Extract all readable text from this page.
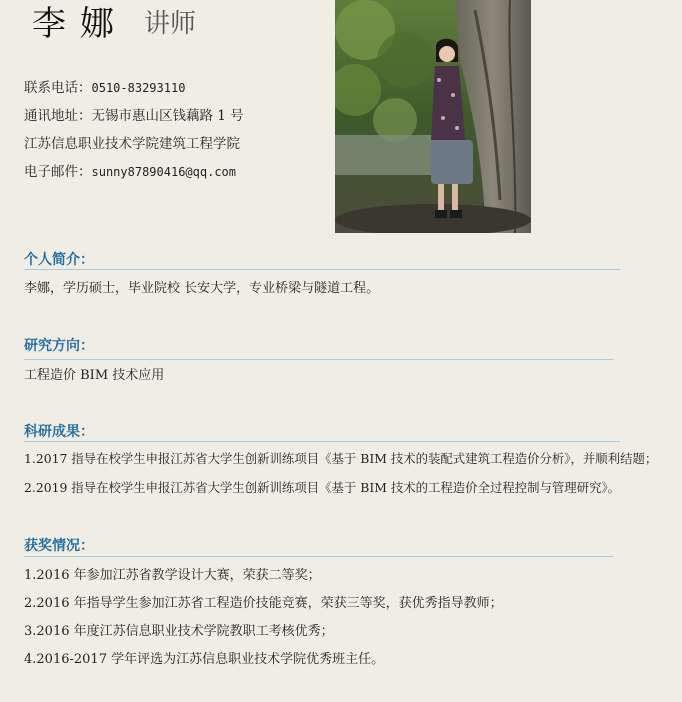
李娜 讲师
联系电话：0510-83293110
通讯地址：无锡市惠山区钱藕路 1 号
江苏信息职业技术学院建筑工程学院
电子邮件：sunny87890416@qq.com
个人简介：
李娜，学历硕士，毕业院校 长安大学，专业桥梁与隧道工程。
研究方向：
工程造价 BIM 技术应用
科研成果：
1.2017 指导在校学生申报江苏省大学生创新训练项目《基于 BIM 技术的装配式建筑工程造价分析》，并顺利结题；
2.2019 指导在校学生申报江苏省大学生创新训练项目《基于 BIM 技术的工程造价全过程控制与管理研究》。
获奖情况：
1.2016 年参加江苏省教学设计大赛，荣获二等奖；
2.2016 年指导学生参加江苏省工程造价技能竞赛，荣获三等奖，获优秀指导教师；
3.2016 年度江苏信息职业技术学院教职工考核优秀；
4.2016-2017 学年评选为江苏信息职业技术学院优秀班主任。
